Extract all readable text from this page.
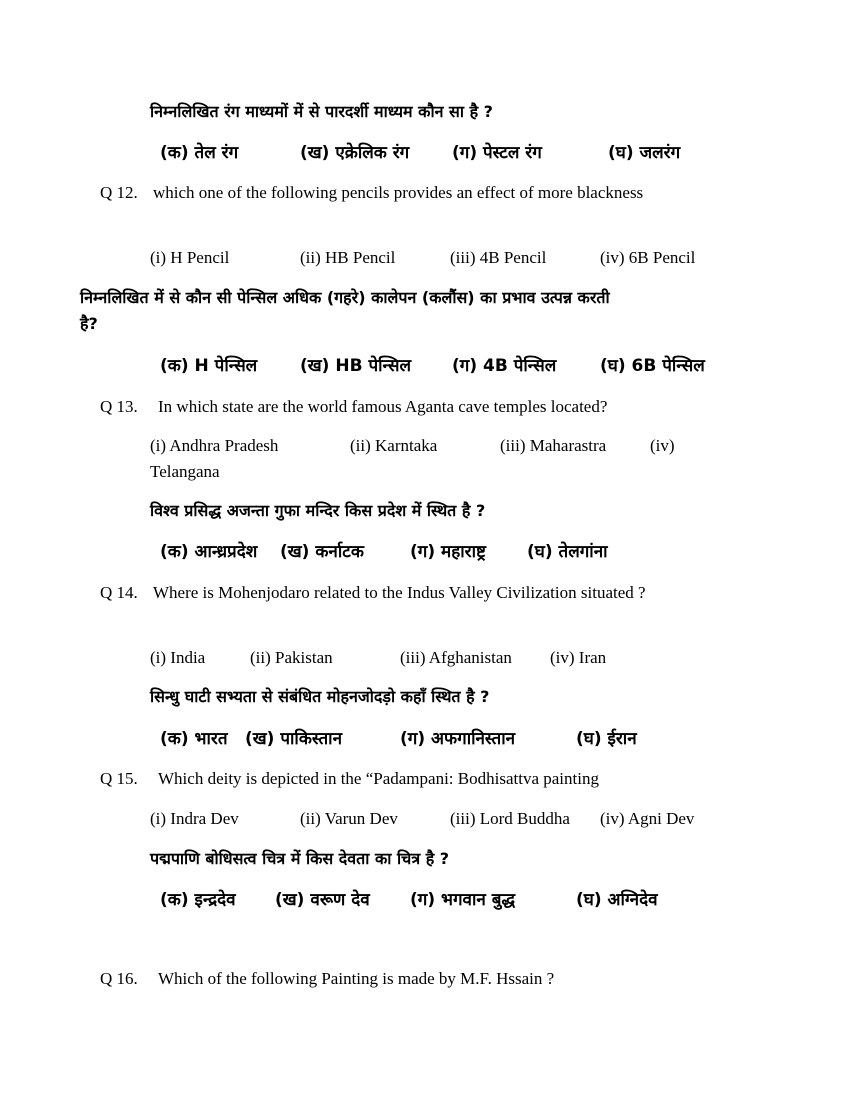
निम्नलिखित रंग माध्यमों में से पारदर्शी माध्यम कौन सा है ?
(क) तेल रंग	(ख) एक्रेलिक रंग	(ग) पेस्टल रंग	(घ) जलरंग
Q 12. which one of the following pencils provides an effect of more blackness
(i) H Pencil	(ii) HB Pencil	(iii) 4B Pencil	(iv) 6B Pencil
निम्नलिखित में से कौन सी पेन्सिल अधिक (गहरे) कालेपन (कलौंस) का प्रभाव उत्पन्न करती
है?
(क) H पेन्सिल	(ख) HB पेन्सिल (ग) 4B पेन्सिल	(घ) 6B पेन्सिल
Q 13. In which state are the world famous Aganta cave temples located?
(i) Andhra Pradesh	(ii) Karntaka	(iii) Maharastra	(iv)
Telangana
विश्व प्रसिद्ध अजन्ता गुफा मन्दिर किस प्रदेश में स्थित है ?
(क) आन्ध्रप्रदेश (ख) कर्नाटक	(ग) महाराष्ट्र (घ) तेलगांना
Q 14. Where is Mohenjodaro related to the Indus Valley Civilization situated ?
(i) India	(ii) Pakistan	(iii) Afghanistan (iv) Iran
सिन्धु घाटी सभ्यता से संबंधित मोहनजोदड़ो कहाँ स्थित है ?
(क) भारत (ख) पाकिस्तान	(ग) अफगानिस्तान	(घ) ईरान
Q 15. Which deity is depicted in the “Padampani: Bodhisattva painting
(i) Indra Dev	(ii) Varun Dev	(iii) Lord Buddha (iv) Agni Dev
पद्मपाणि बोधिसत्व चित्र में किस देवता का चित्र है ?
(क) इन्द्रदेव (ख) वरूण देव (ग) भगवान बुद्ध	(घ) अग्निदेव
Q 16. Which of the following Painting is made by M.F. Hssain ?
